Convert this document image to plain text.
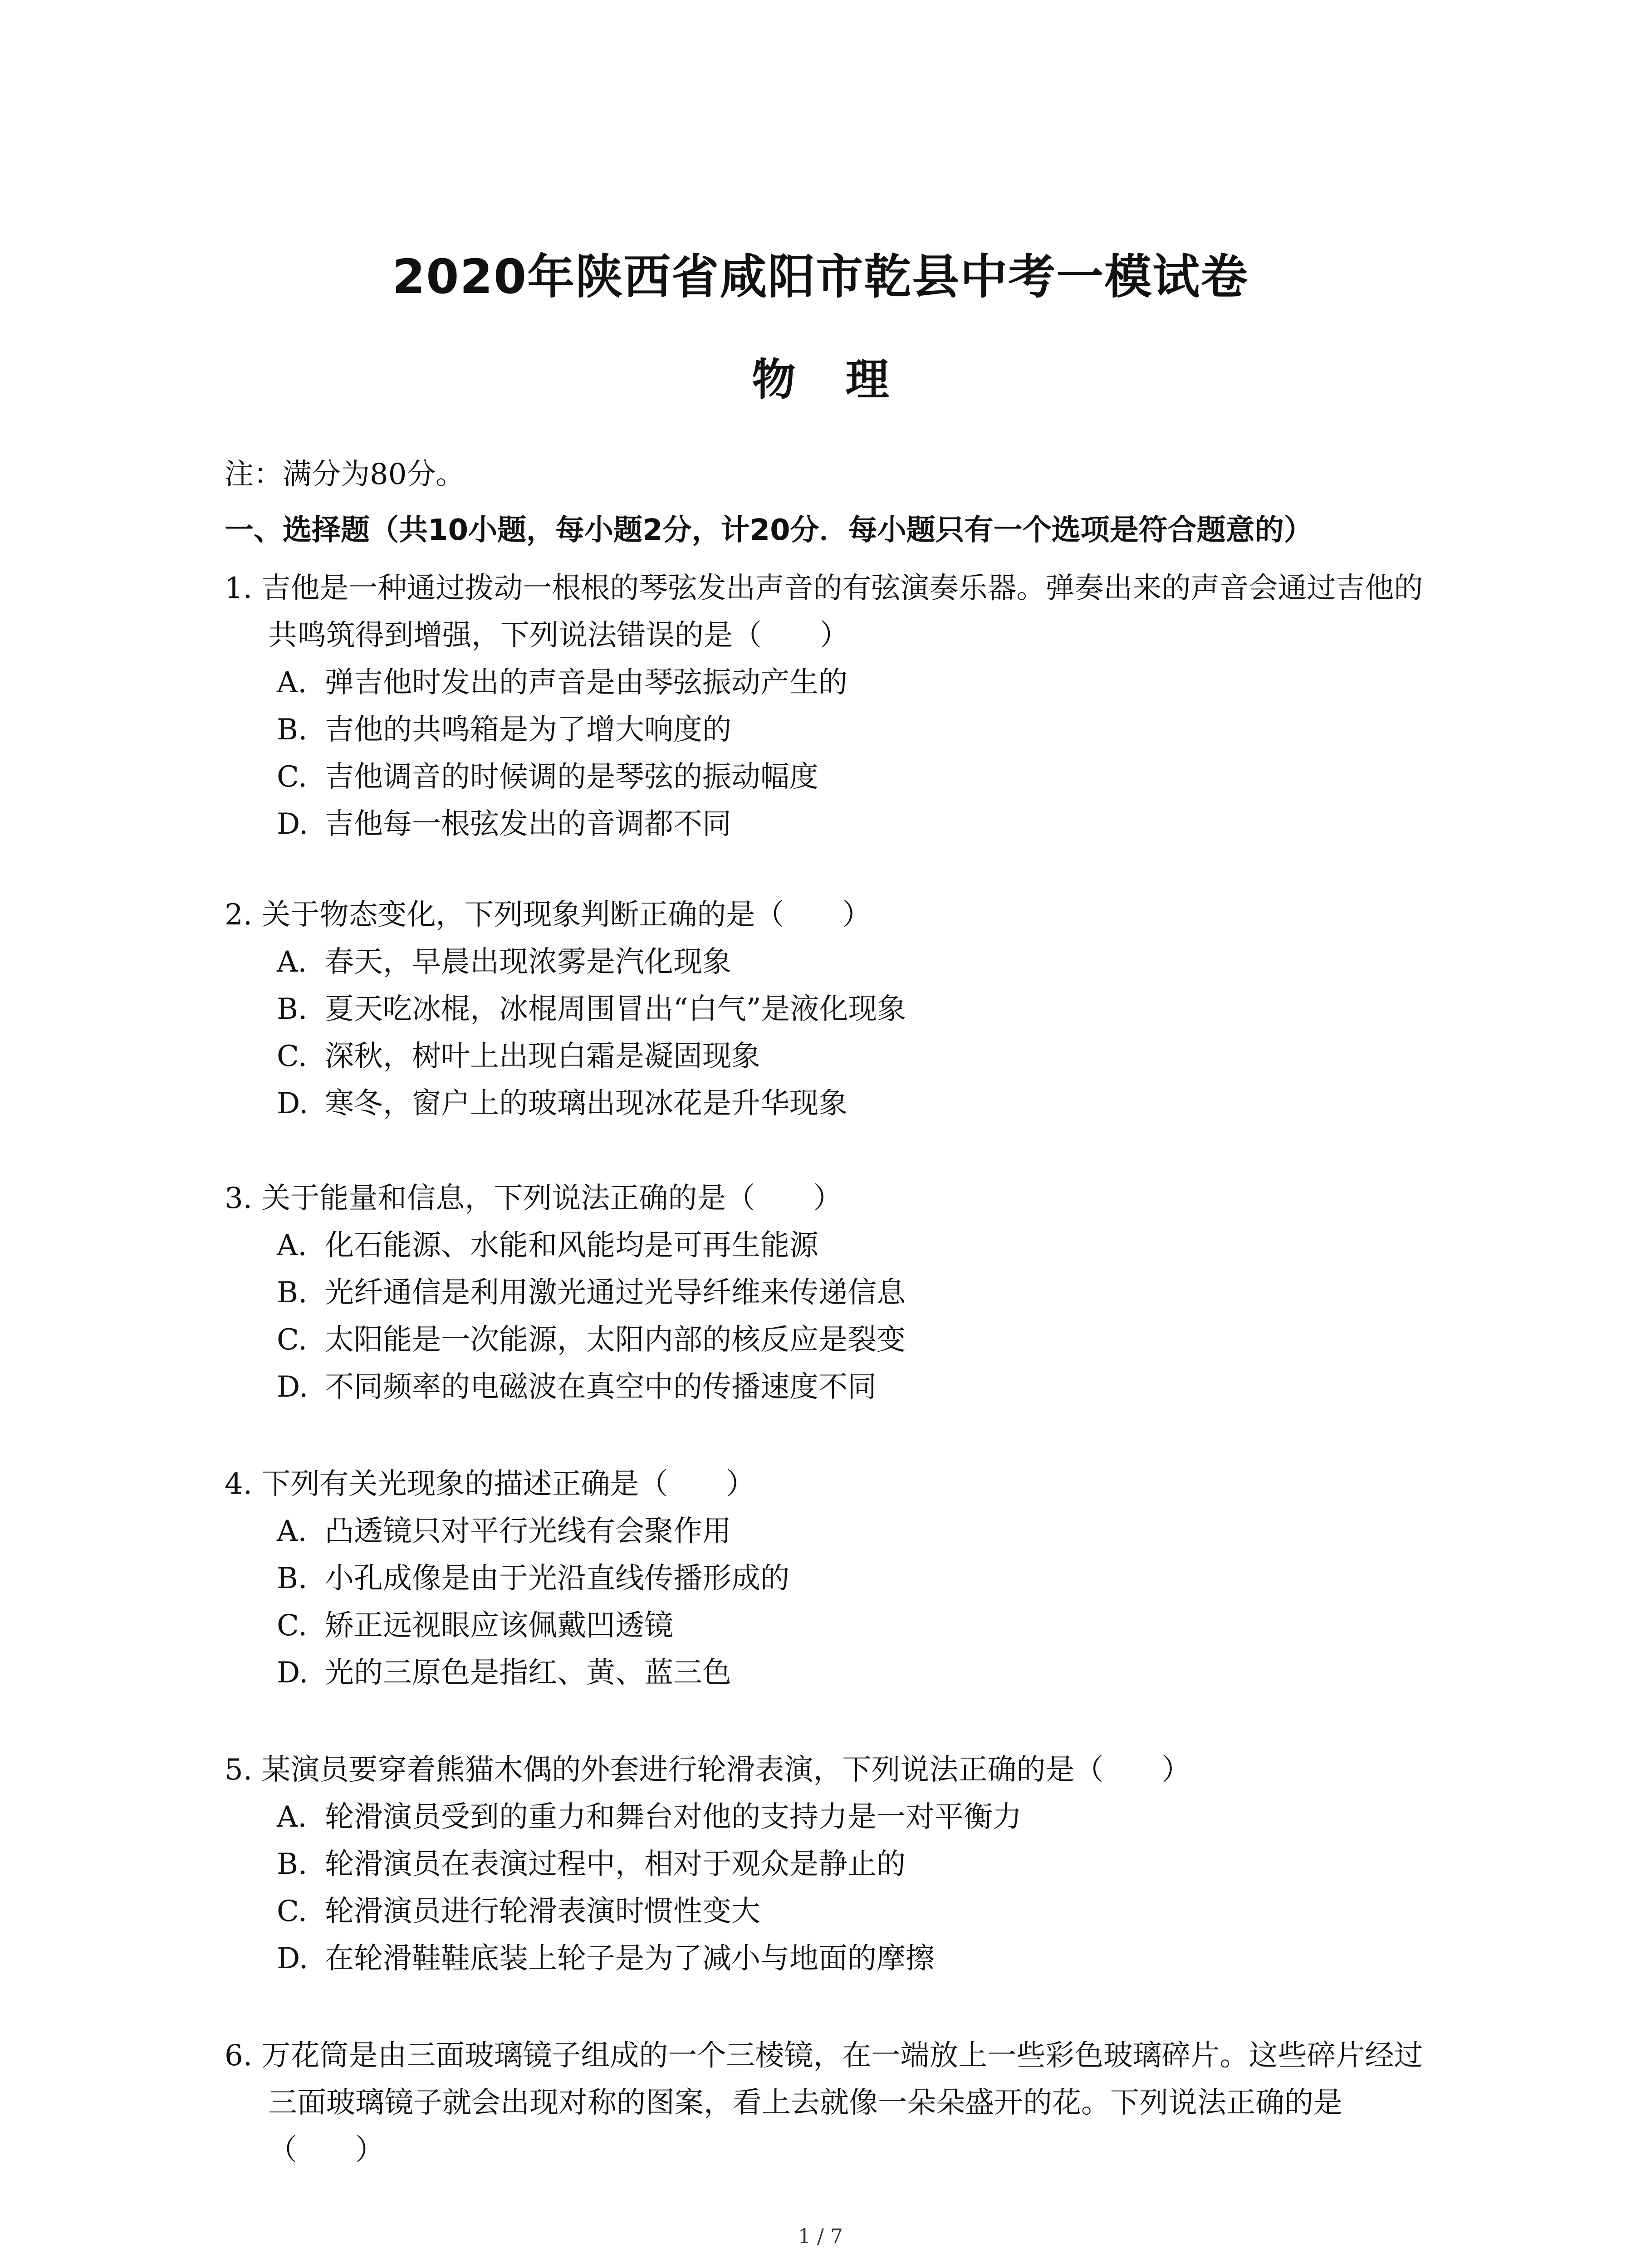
2020年陕西省咸阳市乾县中考一模试卷
物理
注：满分为80分。
一、选择题（共10小题，每小题2分，计20分．每小题只有一个选项是符合题意的）
1. 吉他是一种通过拨动一根根的琴弦发出声音的有弦演奏乐器。弹奏出来的声音会通过吉他的共鸣筑得到增强，下列说法错误的是（　　）
A. 弹吉他时发出的声音是由琴弦振动产生的
B. 吉他的共鸣箱是为了增大响度的
C. 吉他调音的时候调的是琴弦的振动幅度
D. 吉他每一根弦发出的音调都不同
2. 关于物态变化，下列现象判断正确的是（　　）
A. 春天，早晨出现浓雾是汽化现象
B. 夏天吃冰棍，冰棍周围冒出“白气”是液化现象
C. 深秋，树叶上出现白霜是凝固现象
D. 寒冬，窗户上的玻璃出现冰花是升华现象
3. 关于能量和信息，下列说法正确的是（　　）
A. 化石能源、水能和风能均是可再生能源
B. 光纤通信是利用激光通过光导纤维来传递信息
C. 太阳能是一次能源，太阳内部的核反应是裂变
D. 不同频率的电磁波在真空中的传播速度不同
4. 下列有关光现象的描述正确是（　　）
A. 凸透镜只对平行光线有会聚作用
B. 小孔成像是由于光沿直线传播形成的
C. 矫正远视眼应该佩戴凹透镜
D. 光的三原色是指红、黄、蓝三色
5. 某演员要穿着熊猫木偶的外套进行轮滑表演，下列说法正确的是（　　）
A. 轮滑演员受到的重力和舞台对他的支持力是一对平衡力
B. 轮滑演员在表演过程中，相对于观众是静止的
C. 轮滑演员进行轮滑表演时惯性变大
D. 在轮滑鞋鞋底装上轮子是为了减小与地面的摩擦
6. 万花筒是由三面玻璃镜子组成的一个三棱镜，在一端放上一些彩色玻璃碎片。这些碎片经过三面玻璃镜子就会出现对称的图案，看上去就像一朵朵盛开的花。下列说法正确的是（　　）
1 / 7
